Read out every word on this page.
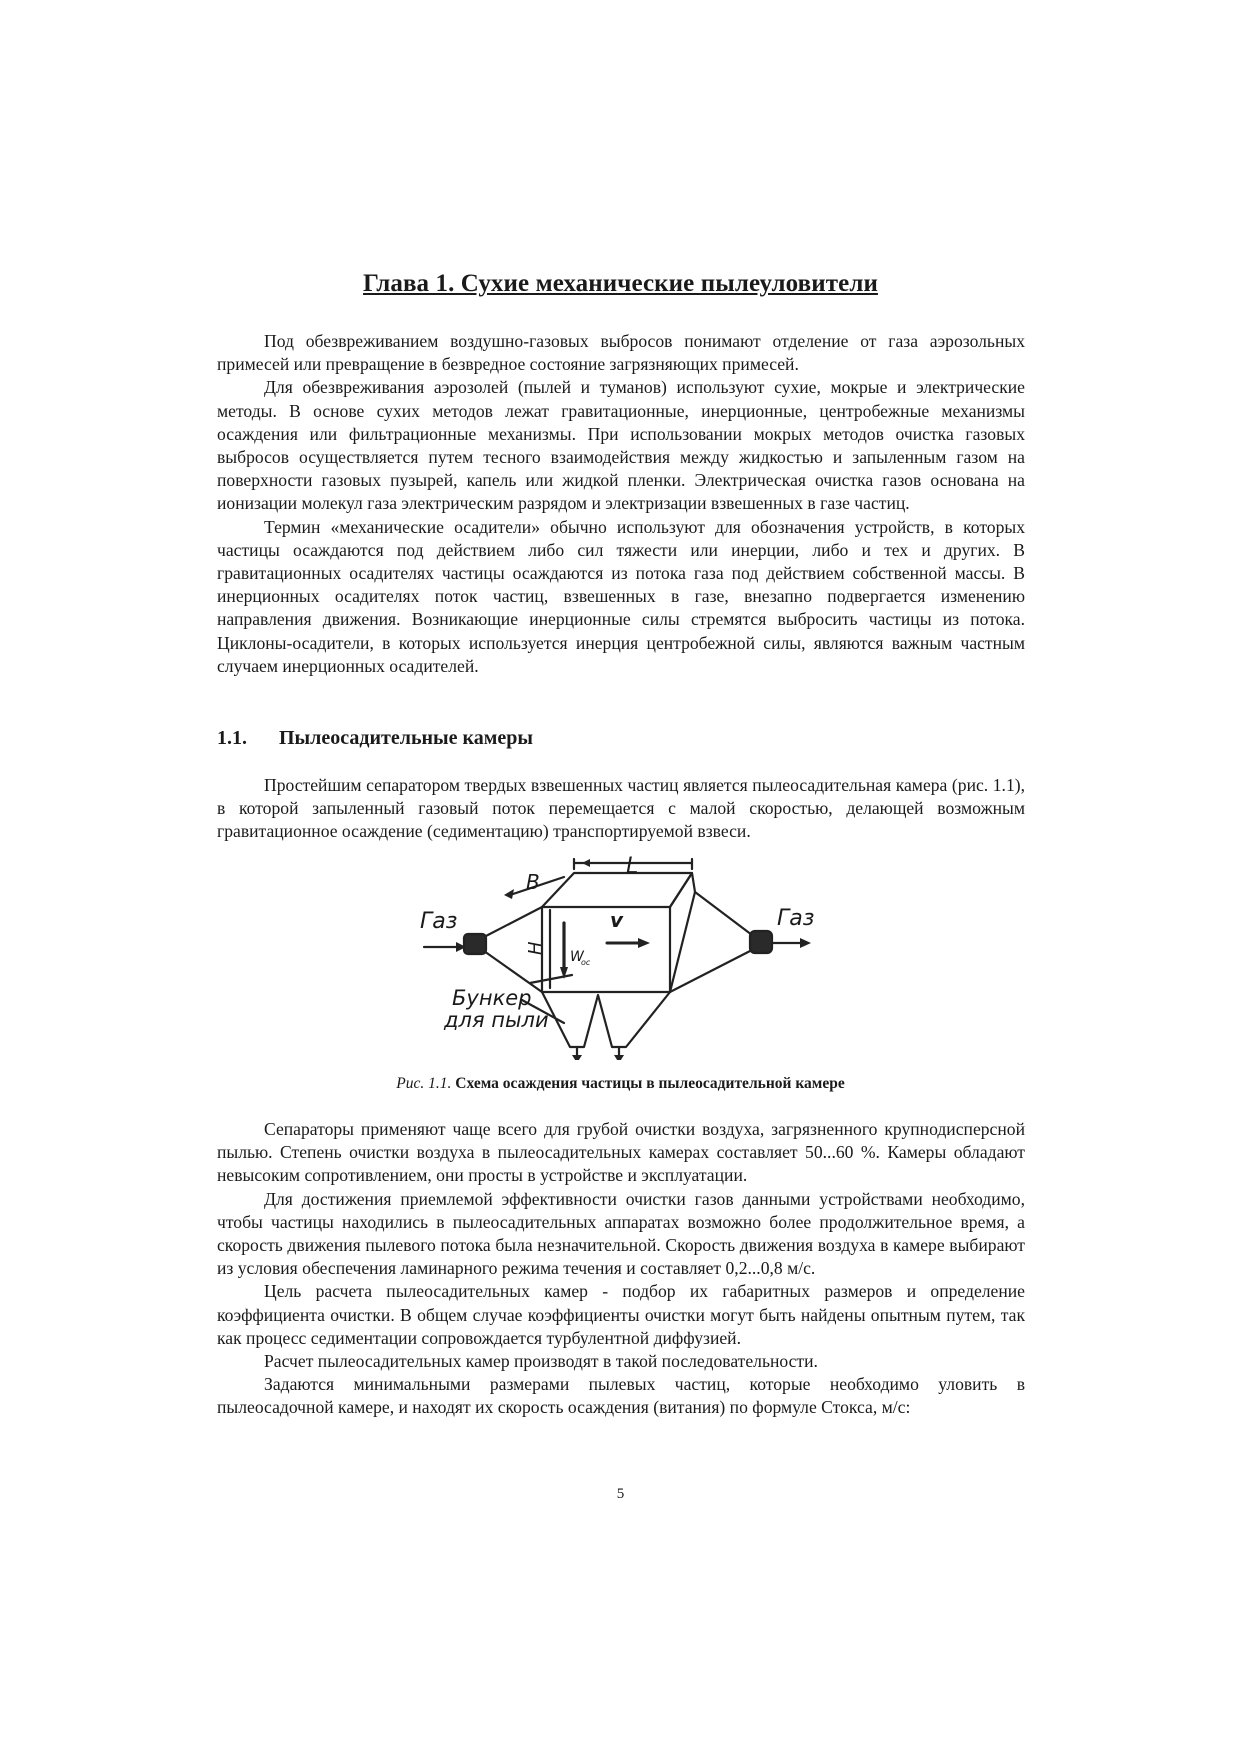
Глава 1. Сухие механические пылеуловители

Под обезвреживанием воздушно-газовых выбросов понимают отделение от газа аэрозольных примесей или превращение в безвредное состояние загрязняющих примесей.

Для обезвреживания аэрозолей (пылей и туманов) используют сухие, мокрые и электрические методы. В основе сухих методов лежат гравитационные, инерционные, центробежные механизмы осаждения или фильтрационные механизмы. При использовании мокрых методов очистка газовых выбросов осуществляется путем тесного взаимодействия между жидкостью и запыленным газом на поверхности газовых пузырей, капель или жидкой пленки. Электрическая очистка газов основана на ионизации молекул газа электрическим разрядом и электризации взвешенных в газе частиц.

Термин «механические осадители» обычно используют для обозначения устройств, в которых частицы осаждаются под действием либо сил тяжести или инерции, либо и тех и других. В гравитационных осадителях частицы осаждаются из потока газа под действием собственной массы. В инерционных осадителях поток частиц, взвешенных в газе, внезапно подвергается изменению направления движения. Возникающие инерционные силы стремятся выбросить частицы из потока. Циклоны-осадители, в которых используется инерция центробежной силы, являются важным частным случаем инерционных осадителей.

1.1. Пылеосадительные камеры

Простейшим сепаратором твердых взвешенных частиц является пылеосадительная камера (рис. 1.1), в которой запыленный газовый поток перемещается с малой скоростью, делающей возможным гравитационное осаждение (седиментацию) транспортируемой взвеси.

L
B
H
v
W
ос
Газ	Газ
Бункер
для пыли
Рис. 1.1. Схема осаждения частицы в пылеосадительной камере

Сепараторы применяют чаще всего для грубой очистки воздуха, загрязненного крупнодисперсной пылью. Степень очистки воздуха в пылеосадительных камерах составляет 50...60 %. Камеры обладают невысоким сопротивлением, они просты в устройстве и эксплуатации.

Для достижения приемлемой эффективности очистки газов данными устройствами необходимо, чтобы частицы находились в пылеосадительных аппаратах возможно более продолжительное время, а скорость движения пылевого потока была незначительной. Скорость движения воздуха в камере выбирают из условия обеспечения ламинарного режима течения и составляет 0,2...0,8 м/с.

Цель расчета пылеосадительных камер - подбор их габаритных размеров и определение коэффициента очистки. В общем случае коэффициенты очистки могут быть найдены опытным путем, так как процесс седиментации сопровождается турбулентной диффузией.

Расчет пылеосадительных камер производят в такой последовательности.

Задаются минимальными размерами пылевых частиц, которые необходимо уловить в пылеосадочной камере, и находят их скорость осаждения (витания) по формуле Стокса, м/с:

5
